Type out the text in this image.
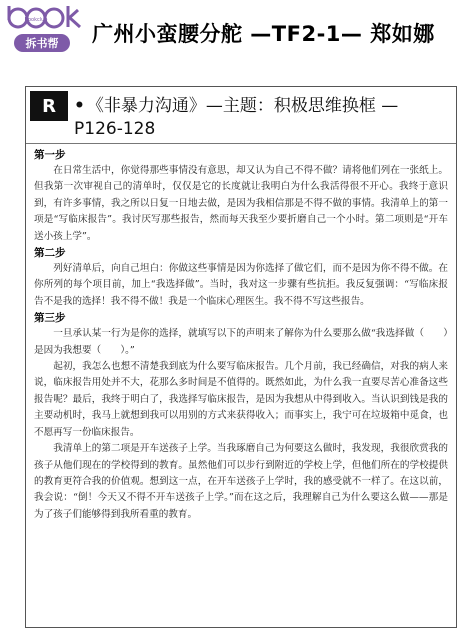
Bookclub
拆书帮 广州小蛮腰分舵 —TF2-1— 郑如娜
R	• 《非暴力沟通》—主题：积极思维换框 — P126-128
第一步

在日常生活中，你觉得那些事情没有意思，却又认为自己不得不做？请将他们列在一张纸上。但我第一次审视自己的清单时，仅仅是它的长度就让我明白为什么我活得很不开心。我终于意识到，有许多事情，我之所以日复一日地去做，是因为我相信那是不得不做的事情。我清单上的第一项是“写临床报告”。我讨厌写那些报告，然而每天我至少要折磨自己一个小时。第二项则是“开车送小孩上学”。

第二步

列好清单后，向自己坦白：你做这些事情是因为你选择了做它们，而不是因为你不得不做。在你所列的每个项目前，加上“我选择做”。当时，我对这一步骤有些抗拒。我反复强调：“写临床报告不是我的选择！我不得不做！我是一个临床心理医生。我不得不写这些报告。

第三步

一旦承认某一行为是你的选择，就填写以下的声明来了解你为什么要那么做“我选择做（　　）是因为我想要（　　）。”

起初，我怎么也想不清楚我到底为什么要写临床报告。几个月前，我已经确信，对我的病人来说，临床报告用处并不大，花那么多时间是不值得的。既然如此，为什么我一直要尽苦心准备这些报告呢？最后，我终于明白了，我选择写临床报告，是因为我想从中得到收入。当认识到钱是我的主要动机时，我马上就想到我可以用别的方式来获得收入；而事实上，我宁可在垃圾箱中觅食，也不愿再写一份临床报告。

我清单上的第二项是开车送孩子上学。当我琢磨自己为何要这么做时，我发现，我很欣赏我的孩子从他们现在的学校得到的教育。虽然他们可以步行到附近的学校上学，但他们所在的学校提供的教育更符合我的价值观。想到这一点，在开车送孩子上学时，我的感受就不一样了。在这以前，我会说：“倒！今天又不得不开车送孩子上学。”而在这之后，我理解自己为什么要这么做——那是为了孩子们能够得到我所看重的教育。
